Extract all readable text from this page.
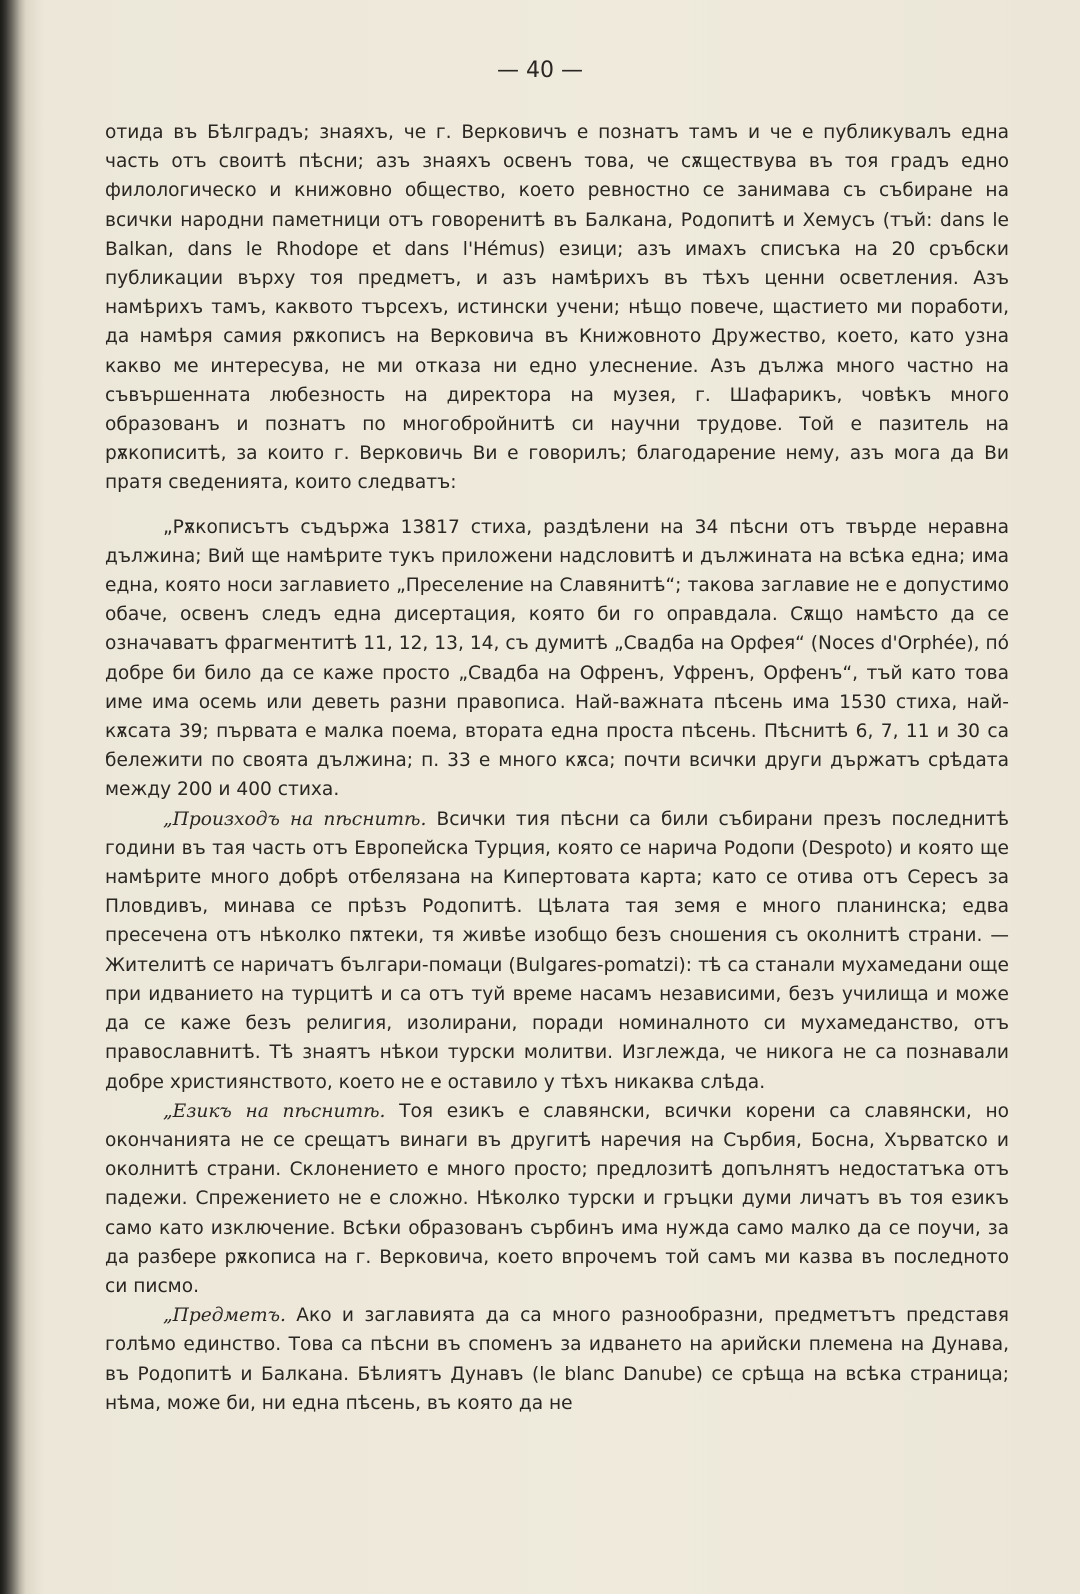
— 40 —

отида въ Бѣлградъ; знаяхъ, че г. Верковичъ е познатъ тамъ и че е публикувалъ една часть отъ своитѣ пѣсни; азъ знаяхъ освенъ това, че сѫществува въ тоя градъ едно филологическо и книжовно общество, което ревностно се занимава съ събиране на всички народни паметници отъ говоренитѣ въ Балкана, Родопитѣ и Хемусъ (тъй: dans le Balkan, dans le Rhodope et dans l'Hémus) езици; азъ имахъ списъка на 20 сръбски публикации върху тоя предметъ, и азъ намѣрихъ въ тѣхъ ценни осветления. Азъ намѣрихъ тамъ, каквото търсехъ, истински учени; нѣщо повече, щастието ми поработи, да намѣря самия рѫкописъ на Верковича въ Книжовното Дружество, което, като узна какво ме интересува, не ми отказа ни едно улеснение. Азъ дължа много частно на съвършенната любезность на директора на музея, г. Шафарикъ, човѣкъ много образованъ и познатъ по многобройнитѣ си научни трудове. Той е пазитель на рѫкописитѣ, за които г. Верковичь Ви е говорилъ; благодарение нему, азъ мога да Ви пратя сведенията, които следватъ:

„Рѫкописътъ съдържа 13817 стиха, раздѣлени на 34 пѣсни отъ твърде неравна дължина; Вий ще намѣрите тукъ приложени надсловитѣ и дължината на всѣка една; има една, която носи заглавието „Преселение на Славянитѣ“; такова заглавие не е допустимо обаче, освенъ следъ една дисертация, която би го оправдала. Сѫщо намѣсто да се означаватъ фрагментитѣ 11, 12, 13, 14, съ думитѣ „Свадба на Орфея“ (Noces d'Orphée), пó добре би било да се каже просто „Свадба на Офренъ, Уфренъ, Орфенъ“, тъй като това име има осемь или деветь разни правописа. Най-важната пѣсень има 1530 стиха, най-кѫсата 39; първата е малка поема, втората една проста пѣсень. Пѣснитѣ 6, 7, 11 и 30 са бележити по своята дължина; п. 33 е много кѫса; почти всички други държатъ срѣдата между 200 и 400 стиха.

„Произходъ на пѣснитѣ. Всички тия пѣсни са били събирани презъ последнитѣ години въ тая часть отъ Европейска Турция, която се нарича Родопи (Despoto) и която ще намѣрите много добрѣ отбелязана на Кипертовата карта; като се отива отъ Сересъ за Пловдивъ, минава се прѣзъ Родопитѣ. Цѣлата тая земя е много планинска; едва пресечена отъ нѣколко пѫтеки, тя живѣе изобщо безъ сношения съ околнитѣ страни. — Жителитѣ се наричатъ българи-помаци (Bulgares-pomatzi): тѣ са станали мухамедани още при идванието на турцитѣ и са отъ туй време насамъ независими, безъ училища и може да се каже безъ религия, изолирани, поради номиналното си мухамеданство, отъ православнитѣ. Тѣ знаятъ нѣкои турски молитви. Изглежда, че никога не са познавали добре християнството, което не е оставило у тѣхъ никаква слѣда.

„Езикъ на пѣснитѣ. Тоя езикъ е славянски, всички корени са славянски, но окончанията не се срещатъ винаги въ другитѣ наречия на Сърбия, Босна, Хърватско и околнитѣ страни. Склонението е много просто; предлозитѣ допълнятъ недостатъка отъ падежи. Спрежението не е сложно. Нѣколко турски и гръцки думи личатъ въ тоя езикъ само като изключение. Всѣки образованъ сърбинъ има нужда само малко да се поучи, за да разбере рѫкописа на г. Верковича, което впрочемъ той самъ ми казва въ последното си писмо.

„Предметъ. Ако и заглавията да са много разнообразни, предметътъ представя голѣмо единство. Това са пѣсни въ споменъ за идването на арийски племена на Дунава, въ Родопитѣ и Балкана. Бѣлиятъ Дунавъ (le blanc Danube) се срѣща на всѣка страница; нѣма, може би, ни една пѣсень, въ която да не
